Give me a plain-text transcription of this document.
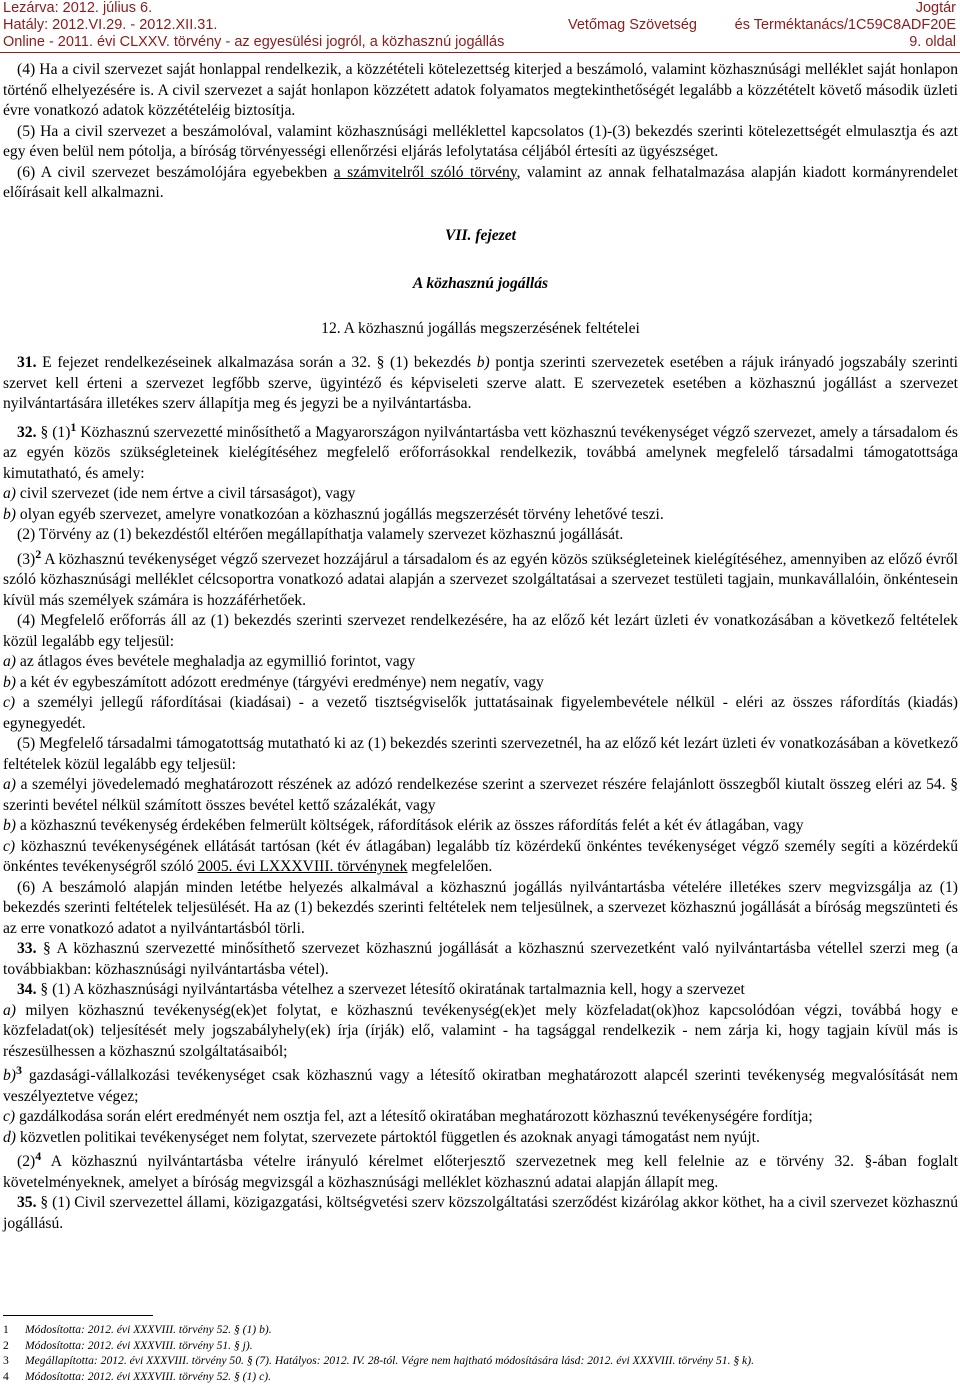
Lezárva: 2012. július 6.	Jogtár
Hatály: 2012.VI.29. - 2012.XII.31.	Vetőmag Szövetség	és Terméktanács/1C59C8ADF20E
Online - 2011. évi CLXXV. törvény - az egyesülési jogról, a közhasznú jogállás	9. oldal

(4) Ha a civil szervezet saját honlappal rendelkezik, a közzétételi kötelezettség kiterjed a beszámoló, valamint közhasznúsági melléklet saját honlapon történő elhelyezésére is. A civil szervezet a saját honlapon közzétett adatok folyamatos megtekinthetőségét legalább a közzétételt követő második üzleti évre vonatkozó adatok közzétételéig biztosítja.

(5) Ha a civil szervezet a beszámolóval, valamint közhasznúsági melléklettel kapcsolatos (1)-(3) bekezdés szerinti kötelezettségét elmulasztja és azt egy éven belül nem pótolja, a bíróság törvényességi ellenőrzési eljárás lefolytatása céljából értesíti az ügyészséget.

(6) A civil szervezet beszámolójára egyebekben a számvitelről szóló törvény, valamint az annak felhatalmazása alapján kiadott kormányrendelet előírásait kell alkalmazni.

VII. fejezet

A közhasznú jogállás

12. A közhasznú jogállás megszerzésének feltételei

31. E fejezet rendelkezéseinek alkalmazása során a 32. § (1) bekezdés b) pontja szerinti szervezetek esetében a rájuk irányadó jogszabály szerinti szervet kell érteni a szervezet legfőbb szerve, ügyintéző és képviseleti szerve alatt. E szervezetek esetében a közhasznú jogállást a szervezet nyilvántartására illetékes szerv állapítja meg és jegyzi be a nyilvántartásba.

32. § $(1)^1$ Közhasznú szervezetté minősíthető a Magyarországon nyilvántartásba vett közhasznú tevékenységet végző szervezet, amely a társadalom és az egyén közös szükségleteinek kielégítéséhez megfelelő erőforrásokkal rendelkezik, továbbá amelynek megfelelő társadalmi támogatottsága kimutatható, és amely:

a) civil szervezet (ide nem értve a civil társaságot), vagy

b) olyan egyéb szervezet, amelyre vonatkozóan a közhasznú jogállás megszerzését törvény lehetővé teszi.

(2) Törvény az (1) bekezdéstől eltérően megállapíthatja valamely szervezet közhasznú jogállását.

$(3)^2$ A közhasznú tevékenységet végző szervezet hozzájárul a társadalom és az egyén közös szükségleteinek kielégítéséhez, amennyiben az előző évről szóló közhasznúsági melléklet célcsoportra vonatkozó adatai alapján a szervezet szolgáltatásai a szervezet testületi tagjain, munkavállalóin, önkéntesein kívül más személyek számára is hozzáférhetőek.

(4) Megfelelő erőforrás áll az (1) bekezdés szerinti szervezet rendelkezésére, ha az előző két lezárt üzleti év vonatkozásában a következő feltételek közül legalább egy teljesül:

a) az átlagos éves bevétele meghaladja az egymillió forintot, vagy

b) a két év egybeszámított adózott eredménye (tárgyévi eredménye) nem negatív, vagy

c) a személyi jellegű ráfordításai (kiadásai) - a vezető tisztségviselők juttatásainak figyelembevétele nélkül - eléri az összes ráfordítás (kiadás) egynegyedét.

(5) Megfelelő társadalmi támogatottság mutatható ki az (1) bekezdés szerinti szervezetnél, ha az előző két lezárt üzleti év vonatkozásában a következő feltételek közül legalább egy teljesül:

a) a személyi jövedelemadó meghatározott részének az adózó rendelkezése szerint a szervezet részére felajánlott összegből kiutalt összeg eléri az 54. § szerinti bevétel nélkül számított összes bevétel kettő százalékát, vagy

b) a közhasznú tevékenység érdekében felmerült költségek, ráfordítások elérik az összes ráfordítás felét a két év átlagában, vagy

c) közhasznú tevékenységének ellátását tartósan (két év átlagában) legalább tíz közérdekű önkéntes tevékenységet végző személy segíti a közérdekű önkéntes tevékenységről szóló 2005. évi LXXXVIII. törvénynek megfelelően.

(6) A beszámoló alapján minden letétbe helyezés alkalmával a közhasznú jogállás nyilvántartásba vételére illetékes szerv megvizsgálja az (1) bekezdés szerinti feltételek teljesülését. Ha az (1) bekezdés szerinti feltételek nem teljesülnek, a szervezet közhasznú jogállását a bíróság megszünteti és az erre vonatkozó adatot a nyilvántartásból törli.

33. § A közhasznú szervezetté minősíthető szervezet közhasznú jogállását a közhasznú szervezetként való nyilvántartásba vétellel szerzi meg (a továbbiakban: közhasznúsági nyilvántartásba vétel).

34. § (1) A közhasznúsági nyilvántartásba vételhez a szervezet létesítő okiratának tartalmaznia kell, hogy a szervezet

a) milyen közhasznú tevékenység(ek)et folytat, e közhasznú tevékenység(ek)et mely közfeladat(ok)hoz kapcsolódóan végzi, továbbá hogy e közfeladat(ok) teljesítését mely jogszabályhely(ek) írja (írják) elő, valamint - ha tagsággal rendelkezik - nem zárja ki, hogy tagjain kívül más is részesülhessen a közhasznú szolgáltatásaiból;

b)$^3$ gazdasági-vállalkozási tevékenységet csak közhasznú vagy a létesítő okiratban meghatározott alapcél szerinti tevékenység megvalósítását nem veszélyeztetve végez;

c) gazdálkodása során elért eredményét nem osztja fel, azt a létesítő okiratában meghatározott közhasznú tevékenységére fordítja;

d) közvetlen politikai tevékenységet nem folytat, szervezete pártoktól független és azoknak anyagi támogatást nem nyújt.

$(2)^4$ A közhasznú nyilvántartásba vételre irányuló kérelmet előterjesztő szervezetnek meg kell felelnie az e törvény 32. §-ában foglalt követelményeknek, amelyet a bíróság megvizsgál a közhasznúsági melléklet közhasznú adatai alapján állapít meg.

35. § (1) Civil szervezettel állami, közigazgatási, költségvetési szerv közszolgáltatási szerződést kizárólag akkor köthet, ha a civil szervezet közhasznú jogállású.

1 Módosította: 2012. évi XXXVIII. törvény 52. § (1) b).
2 Módosította: 2012. évi XXXVIII. törvény 51. § j).
3 Megállapította: 2012. évi XXXVIII. törvény 50. § (7). Hatályos: 2012. IV. 28-tól. Végre nem hajtható módosítására lásd: 2012. évi XXXVIII. törvény 51. § k).
4 Módosította: 2012. évi XXXVIII. törvény 52. § (1) c).
